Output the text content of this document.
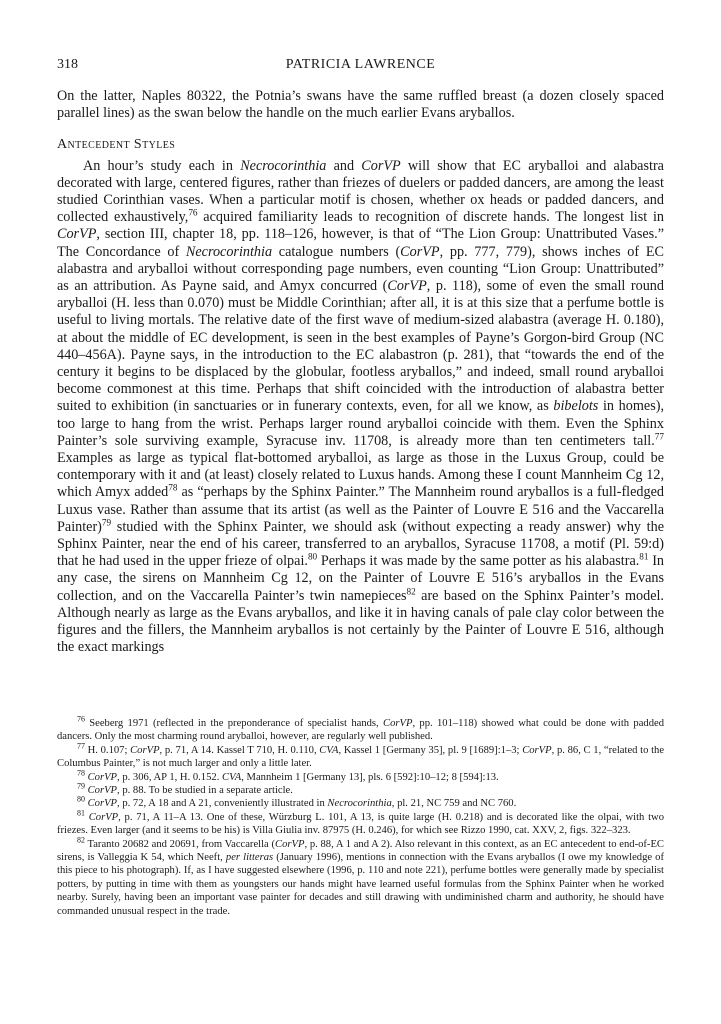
318	PATRICIA LAWRENCE

On the latter, Naples 80322, the Potnia’s swans have the same ruffled breast (a dozen closely spaced parallel lines) as the swan below the handle on the much earlier Evans aryballos.

Antecedent Styles

An hour’s study each in Necrocorinthia and CorVP will show that EC aryballoi and alabastra decorated with large, centered figures, rather than friezes of duelers or padded dancers, are among the least studied Corinthian vases. When a particular motif is chosen, whether ox heads or padded dancers, and collected exhaustively,$^{76}$ acquired familiarity leads to recognition of discrete hands. The longest list in CorVP, section III, chapter 18, pp. 118–126, however, is that of “The Lion Group: Unattributed Vases.” The Concordance of Necrocorinthia catalogue numbers (CorVP, pp. 777, 779), shows inches of EC alabastra and aryballoi without corresponding page numbers, even counting “Lion Group: Unattributed” as an attribution. As Payne said, and Amyx concurred (CorVP, p. 118), some of even the small round aryballoi (H. less than 0.070) must be Middle Corinthian; after all, it is at this size that a perfume bottle is useful to living mortals. The relative date of the first wave of medium-sized alabastra (average H. 0.180), at about the middle of EC development, is seen in the best examples of Payne’s Gorgon-bird Group (NC 440–456A). Payne says, in the introduction to the EC alabastron (p. 281), that “towards the end of the century it begins to be displaced by the globular, footless aryballos,” and indeed, small round aryballoi become commonest at this time. Perhaps that shift coincided with the introduction of alabastra better suited to exhibition (in sanctuaries or in funerary contexts, even, for all we know, as bibelots in homes), too large to hang from the wrist. Perhaps larger round aryballoi coincide with them. Even the Sphinx Painter’s sole surviving example, Syracuse inv. 11708, is already more than ten centimeters tall.$^{77}$ Examples as large as typical flat-bottomed aryballoi, as large as those in the Luxus Group, could be contemporary with it and (at least) closely related to Luxus hands. Among these I count Mannheim Cg 12, which Amyx added$^{78}$ as “perhaps by the Sphinx Painter.” The Mannheim round aryballos is a full-fledged Luxus vase. Rather than assume that its artist (as well as the Painter of Louvre E 516 and the Vaccarella Painter)$^{79}$ studied with the Sphinx Painter, we should ask (without expecting a ready answer) why the Sphinx Painter, near the end of his career, transferred to an aryballos, Syracuse 11708, a motif (Pl. 59:d) that he had used in the upper frieze of olpai.$^{80}$ Perhaps it was made by the same potter as his alabastra.$^{81}$ In any case, the sirens on Mannheim Cg 12, on the Painter of Louvre E 516’s aryballos in the Evans collection, and on the Vaccarella Painter’s twin namepieces$^{82}$ are based on the Sphinx Painter’s model. Although nearly as large as the Evans aryballos, and like it in having canals of pale clay color between the figures and the fillers, the Mannheim aryballos is not certainly by the Painter of Louvre E 516, although the exact markings

$^{76}$ Seeberg 1971 (reflected in the preponderance of specialist hands, CorVP, pp. 101–118) showed what could be done with padded dancers. Only the most charming round aryballoi, however, are regularly well published.

$^{77}$ H. 0.107; CorVP, p. 71, A 14. Kassel T 710, H. 0.110, CVA, Kassel 1 [Germany 35], pl. 9 [1689]:1–3; CorVP, p. 86, C 1, “related to the Columbus Painter,” is not much larger and only a little later.

$^{78}$ CorVP, p. 306, AP 1, H. 0.152. CVA, Mannheim 1 [Germany 13], pls. 6 [592]:10–12; 8 [594]:13.

$^{79}$ CorVP, p. 88. To be studied in a separate article.

$^{80}$ CorVP, p. 72, A 18 and A 21, conveniently illustrated in Necrocorinthia, pl. 21, NC 759 and NC 760.

$^{81}$ CorVP, p. 71, A 11–A 13. One of these, Würzburg L. 101, A 13, is quite large (H. 0.218) and is decorated like the olpai, with two friezes. Even larger (and it seems to be his) is Villa Giulia inv. 87975 (H. 0.246), for which see Rizzo 1990, cat. XXV, 2, figs. 322–323.

$^{82}$ Taranto 20682 and 20691, from Vaccarella (CorVP, p. 88, A 1 and A 2). Also relevant in this context, as an EC antecedent to end-of-EC sirens, is Valleggia K 54, which Neeft, per litteras (January 1996), mentions in connection with the Evans aryballos (I owe my knowledge of this piece to his photograph). If, as I have suggested elsewhere (1996, p. 110 and note 221), perfume bottles were generally made by specialist potters, by putting in time with them as youngsters our hands might have learned useful formulas from the Sphinx Painter when he worked nearby. Surely, having been an important vase painter for decades and still drawing with undiminished charm and authority, he should have commanded unusual respect in the trade.
